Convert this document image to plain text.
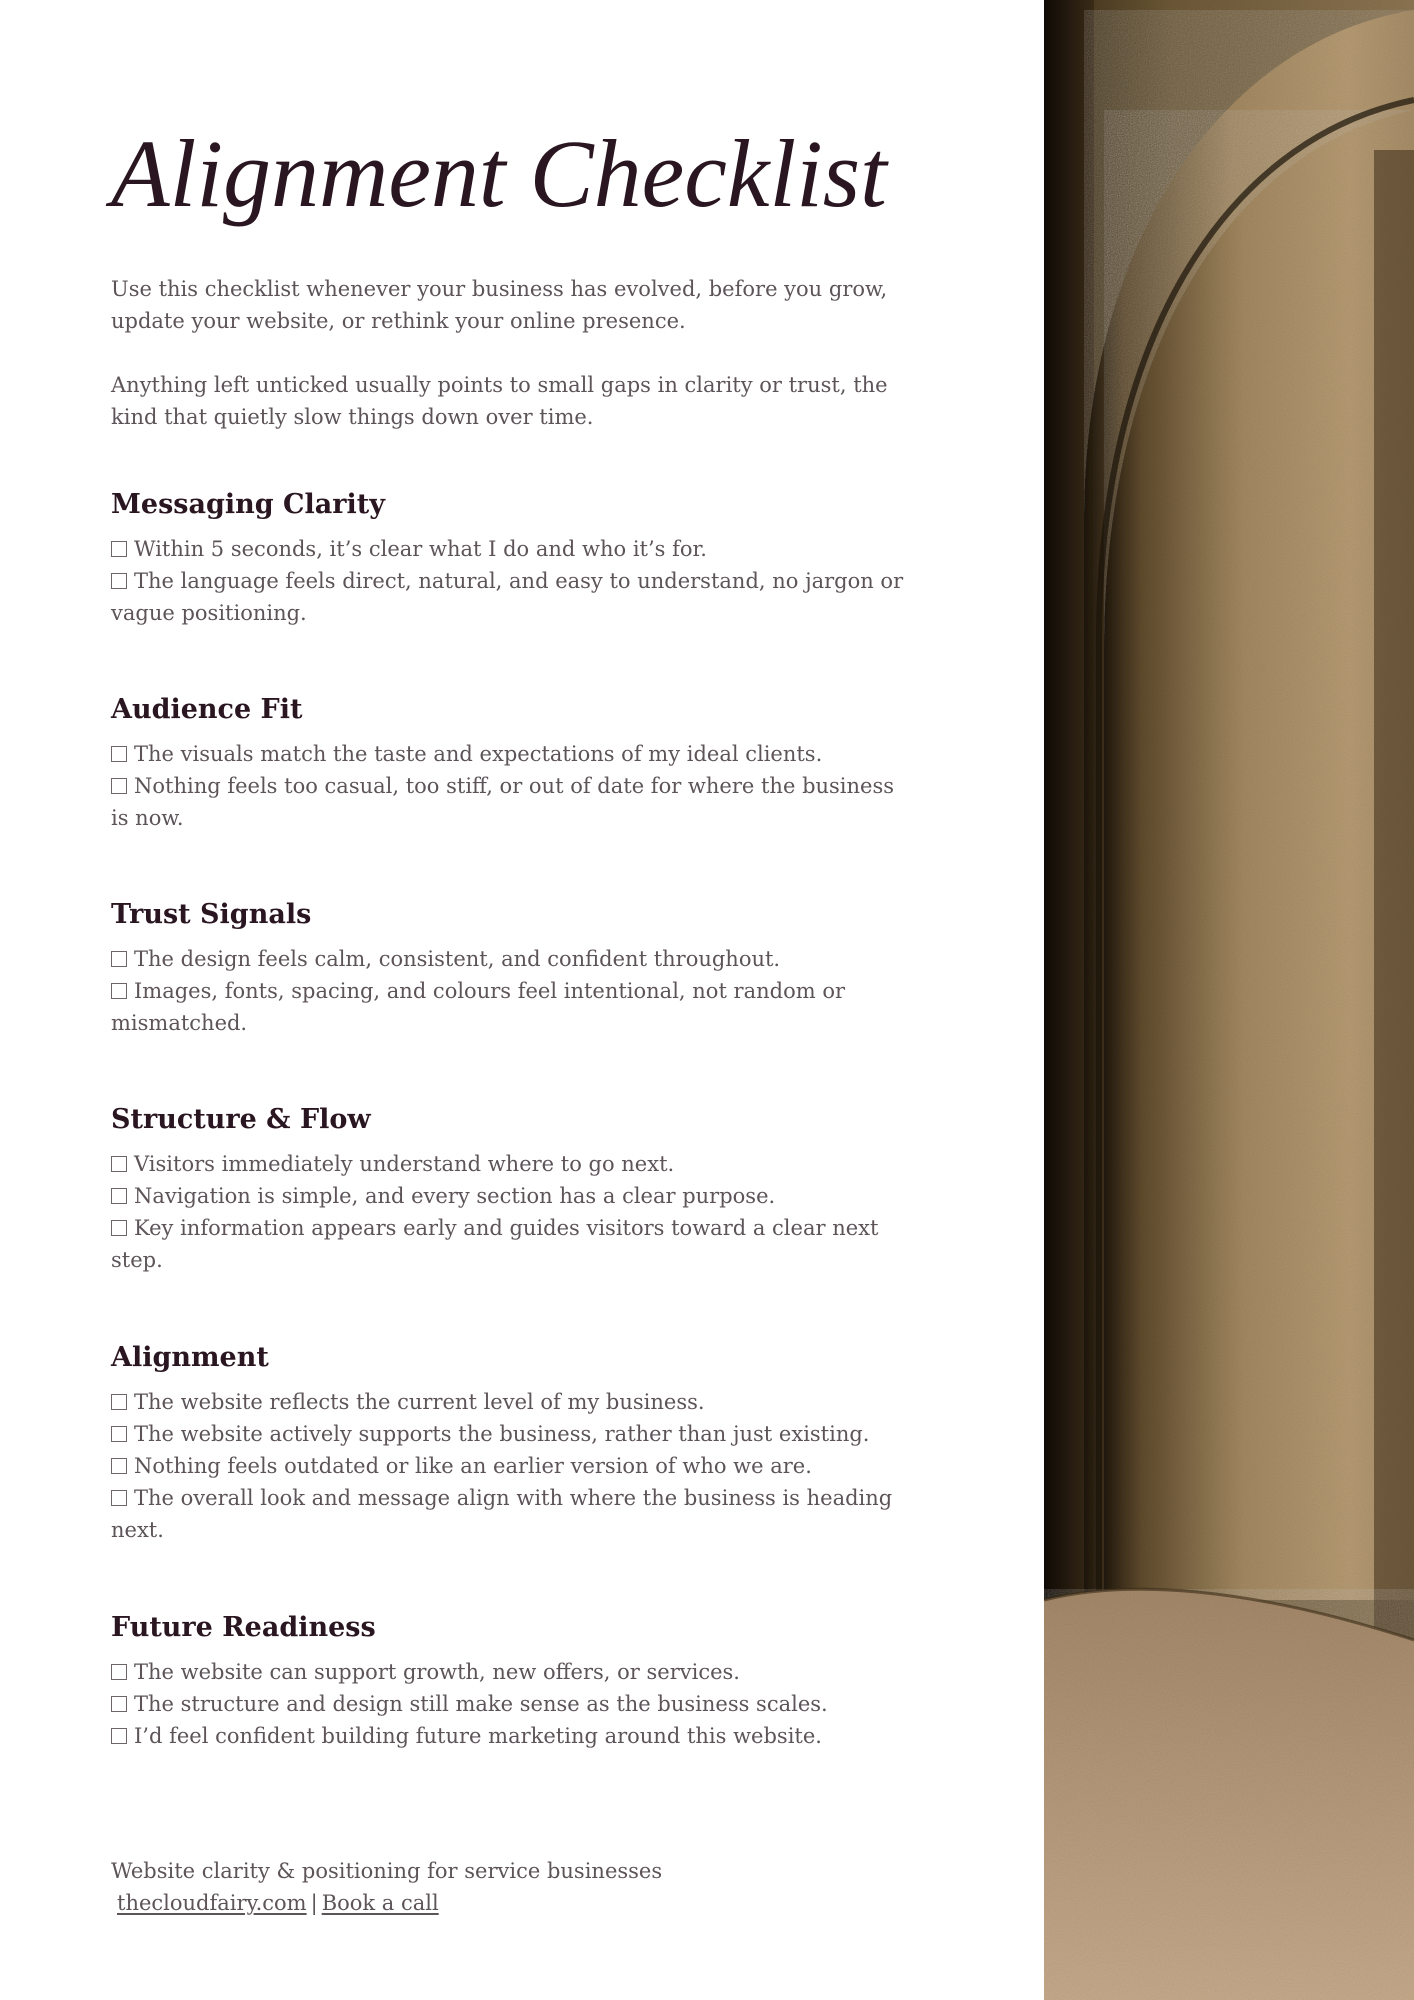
Alignment Checklist

Use this checklist whenever your business has evolved, before you grow, update your website, or rethink your online presence.

Anything left unticked usually points to small gaps in clarity or trust, the kind that quietly slow things down over time.

Messaging Clarity
Within 5 seconds, it’s clear what I do and who it’s for.
The language feels direct, natural, and easy to understand, no jargon or vague positioning.
Audience Fit
The visuals match the taste and expectations of my ideal clients.
Nothing feels too casual, too stiff, or out of date for where the business is now.
Trust Signals
The design feels calm, consistent, and confident throughout.
Images, fonts, spacing, and colours feel intentional, not random or mismatched.
Structure & Flow
Visitors immediately understand where to go next.
Navigation is simple, and every section has a clear purpose.
Key information appears early and guides visitors toward a clear next step.
Alignment
The website reflects the current level of my business.
The website actively supports the business, rather than just existing.
Nothing feels outdated or like an earlier version of who we are.
The overall look and message align with where the business is heading next.
Future Readiness
The website can support growth, new offers, or services.
The structure and design still make sense as the business scales.
I’d feel confident building future marketing around this website.
Website clarity & positioning for service businesses
thecloudfairy.com | Book a call
